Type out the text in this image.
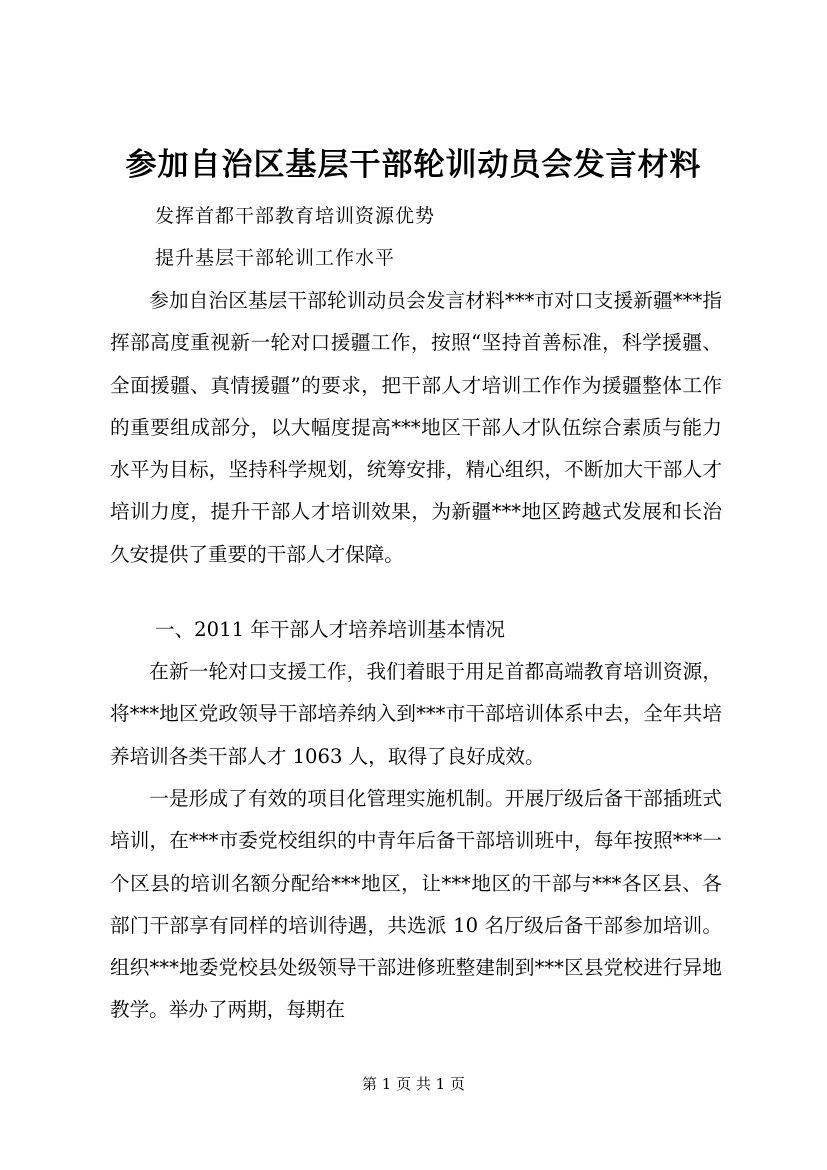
参加自治区基层干部轮训动员会发言材料
发挥首都干部教育培训资源优势
提升基层干部轮训工作水平

参加自治区基层干部轮训动员会发言材料***市对口支援新疆***指挥部高度重视新一轮对口援疆工作，按照“坚持首善标准，科学援疆、全面援疆、真情援疆”的要求，把干部人才培训工作作为援疆整体工作的重要组成部分，以大幅度提高***地区干部人才队伍综合素质与能力水平为目标，坚持科学规划，统筹安排，精心组织，不断加大干部人才培训力度，提升干部人才培训效果，为新疆***地区跨越式发展和长治久安提供了重要的干部人才保障。

一、2011 年干部人才培养培训基本情况

在新一轮对口支援工作，我们着眼于用足首都高端教育培训资源，将***地区党政领导干部培养纳入到***市干部培训体系中去，全年共培养培训各类干部人才 1063 人，取得了良好成效。

一是形成了有效的项目化管理实施机制。开展厅级后备干部插班式培训，在***市委党校组织的中青年后备干部培训班中，每年按照***一个区县的培训名额分配给***地区，让***地区的干部与***各区县、各部门干部享有同样的培训待遇，共选派 10 名厅级后备干部参加培训。组织***地委党校县处级领导干部进修班整建制到***区县党校进行异地教学。举办了两期，每期在

第 1 页 共 1 页
